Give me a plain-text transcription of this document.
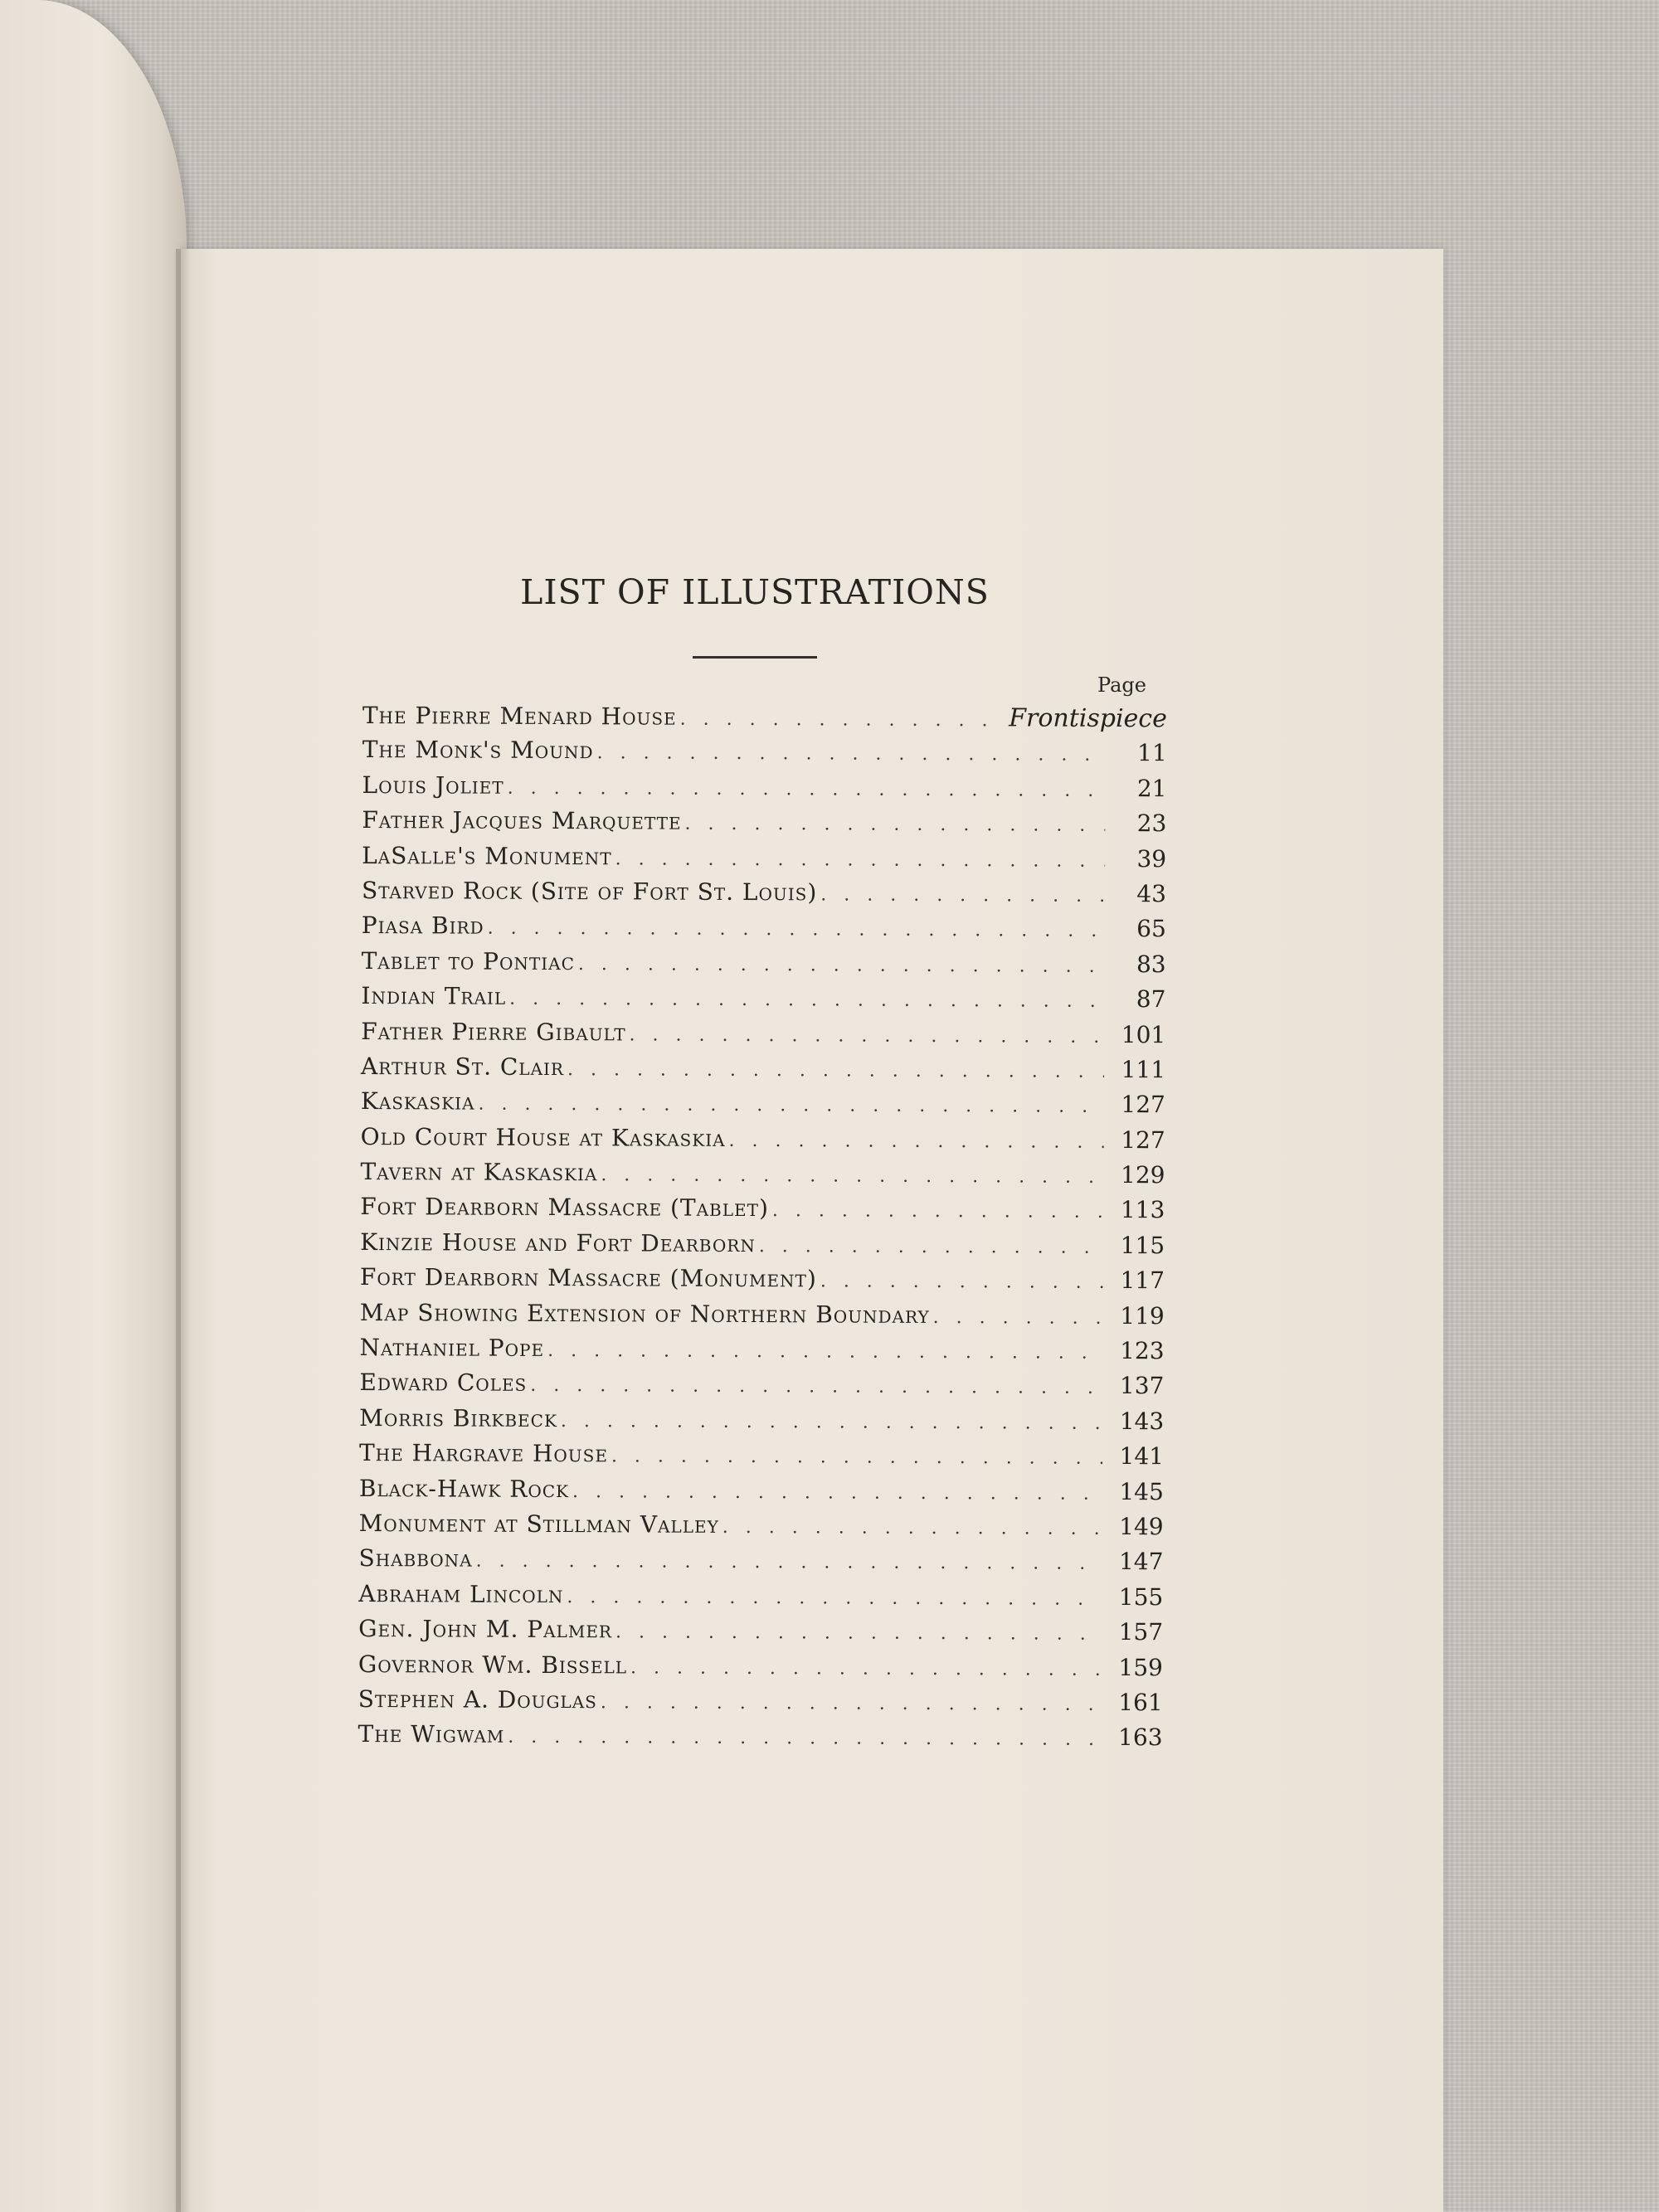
LIST OF ILLUSTRATIONS
Page
The Pierre Menard House . . .	Frontispiece
The Monk's Mound . . .	11
Louis Joliet . . .	21
Father Jacques Marquette . . .	23
LaSalle's Monument . . .	39
Starved Rock (Site of Fort St. Louis) . . .	43
Piasa Bird . . .	65
Tablet to Pontiac . . .	83
Indian Trail . . .	87
Father Pierre Gibault . . .	101
Arthur St. Clair . . .	111
Kaskaskia . . .	127
Old Court House at Kaskaskia . . .	127
Tavern at Kaskaskia . . .	129
Fort Dearborn Massacre (Tablet) . . .	113
Kinzie House and Fort Dearborn . . .	115
Fort Dearborn Massacre (Monument) . . .	117
Map Showing Extension of Northern Boundary . . .	119
Nathaniel Pope . . .	123
Edward Coles . . .	137
Morris Birkbeck . . .	143
The Hargrave House . . .	141
Black-Hawk Rock . . .	145
Monument at Stillman Valley . . .	149
Shabbona . . .	147
Abraham Lincoln . . .	155
Gen. John M. Palmer . . .	157
Governor Wm. Bissell . . .	159
Stephen A. Douglas . . .	161
The Wigwam . . .	163
